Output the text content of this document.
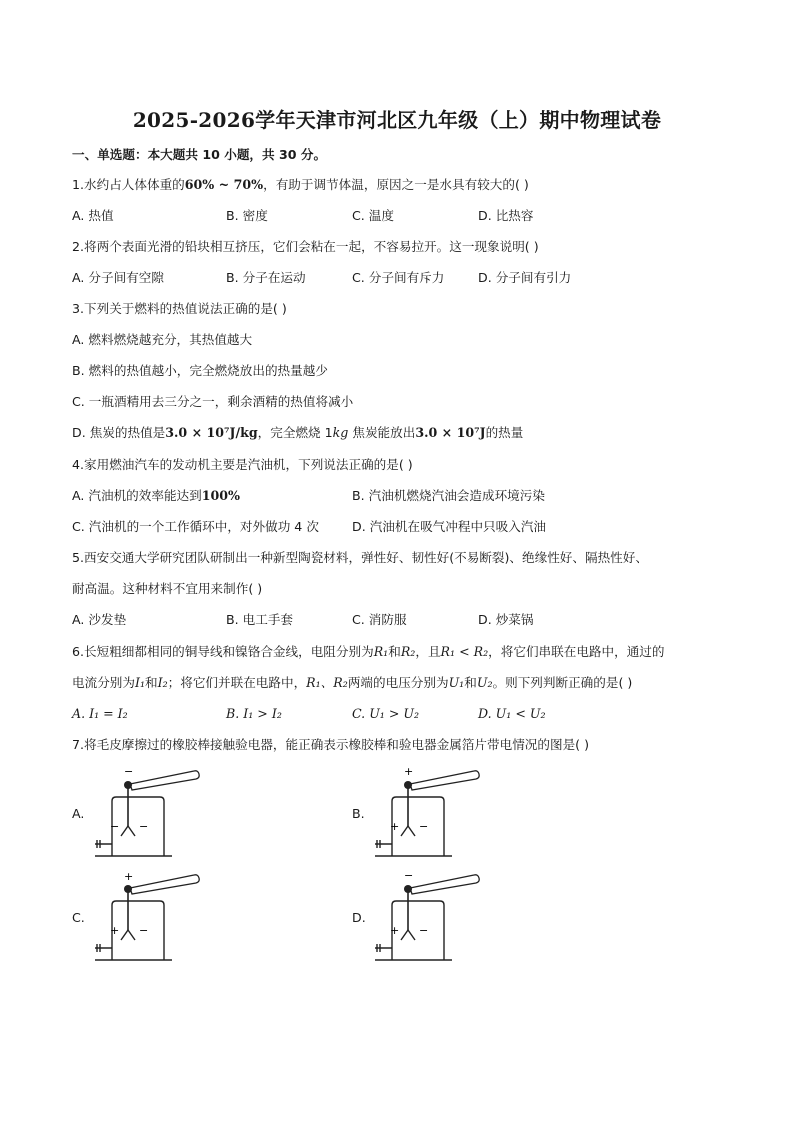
2025-2026学年天津市河北区九年级（上）期中物理试卷
一、单选题：本大题共 10 小题，共 30 分。
1.水约占人体体重的60% ~ 70%，有助于调节体温，原因之一是水具有较大的( )
A. 热值	B. 密度	C. 温度	D. 比热容
2.将两个表面光滑的铅块相互挤压，它们会粘在一起，不容易拉开。这一现象说明( )
A. 分子间有空隙	B. 分子在运动	C. 分子间有斥力	D. 分子间有引力
3.下列关于燃料的热值说法正确的是( )
A. 燃料燃烧越充分，其热值越大
B. 燃料的热值越小，完全燃烧放出的热量越少
C. 一瓶酒精用去三分之一，剩余酒精的热值将减小
D. 焦炭的热值是3.0 × 10⁷J/kg，完全燃烧 1kg 焦炭能放出3.0 × 10⁷J的热量
4.家用燃油汽车的发动机主要是汽油机，下列说法正确的是( )
A. 汽油机的效率能达到100%	B. 汽油机燃烧汽油会造成环境污染
C. 汽油机的一个工作循环中，对外做功 4 次	D. 汽油机在吸气冲程中只吸入汽油
5.西安交通大学研究团队研制出一种新型陶瓷材料，弹性好、韧性好(不易断裂)、绝缘性好、隔热性好、
耐高温。这种材料不宜用来制作( )
A. 沙发垫	B. 电工手套	C. 消防服	D. 炒菜锅
6.长短粗细都相同的铜导线和镍铬合金线，电阻分别为R₁和R₂，且R₁ < R₂，将它们串联在电路中，通过的
电流分别为I₁和I₂；将它们并联在电路中，R₁、R₂两端的电压分别为U₁和U₂。则下列判断正确的是( )
A. I₁ = I₂	B. I₁ > I₂	C. U₁ > U₂	D. U₁ < U₂
7.将毛皮摩擦过的橡胶棒接触验电器，能正确表示橡胶棒和验电器金属箔片带电情况的图是( )
A.	B.
C.	D.
−
− −
+
+ −
+
+ −
−
+ −
